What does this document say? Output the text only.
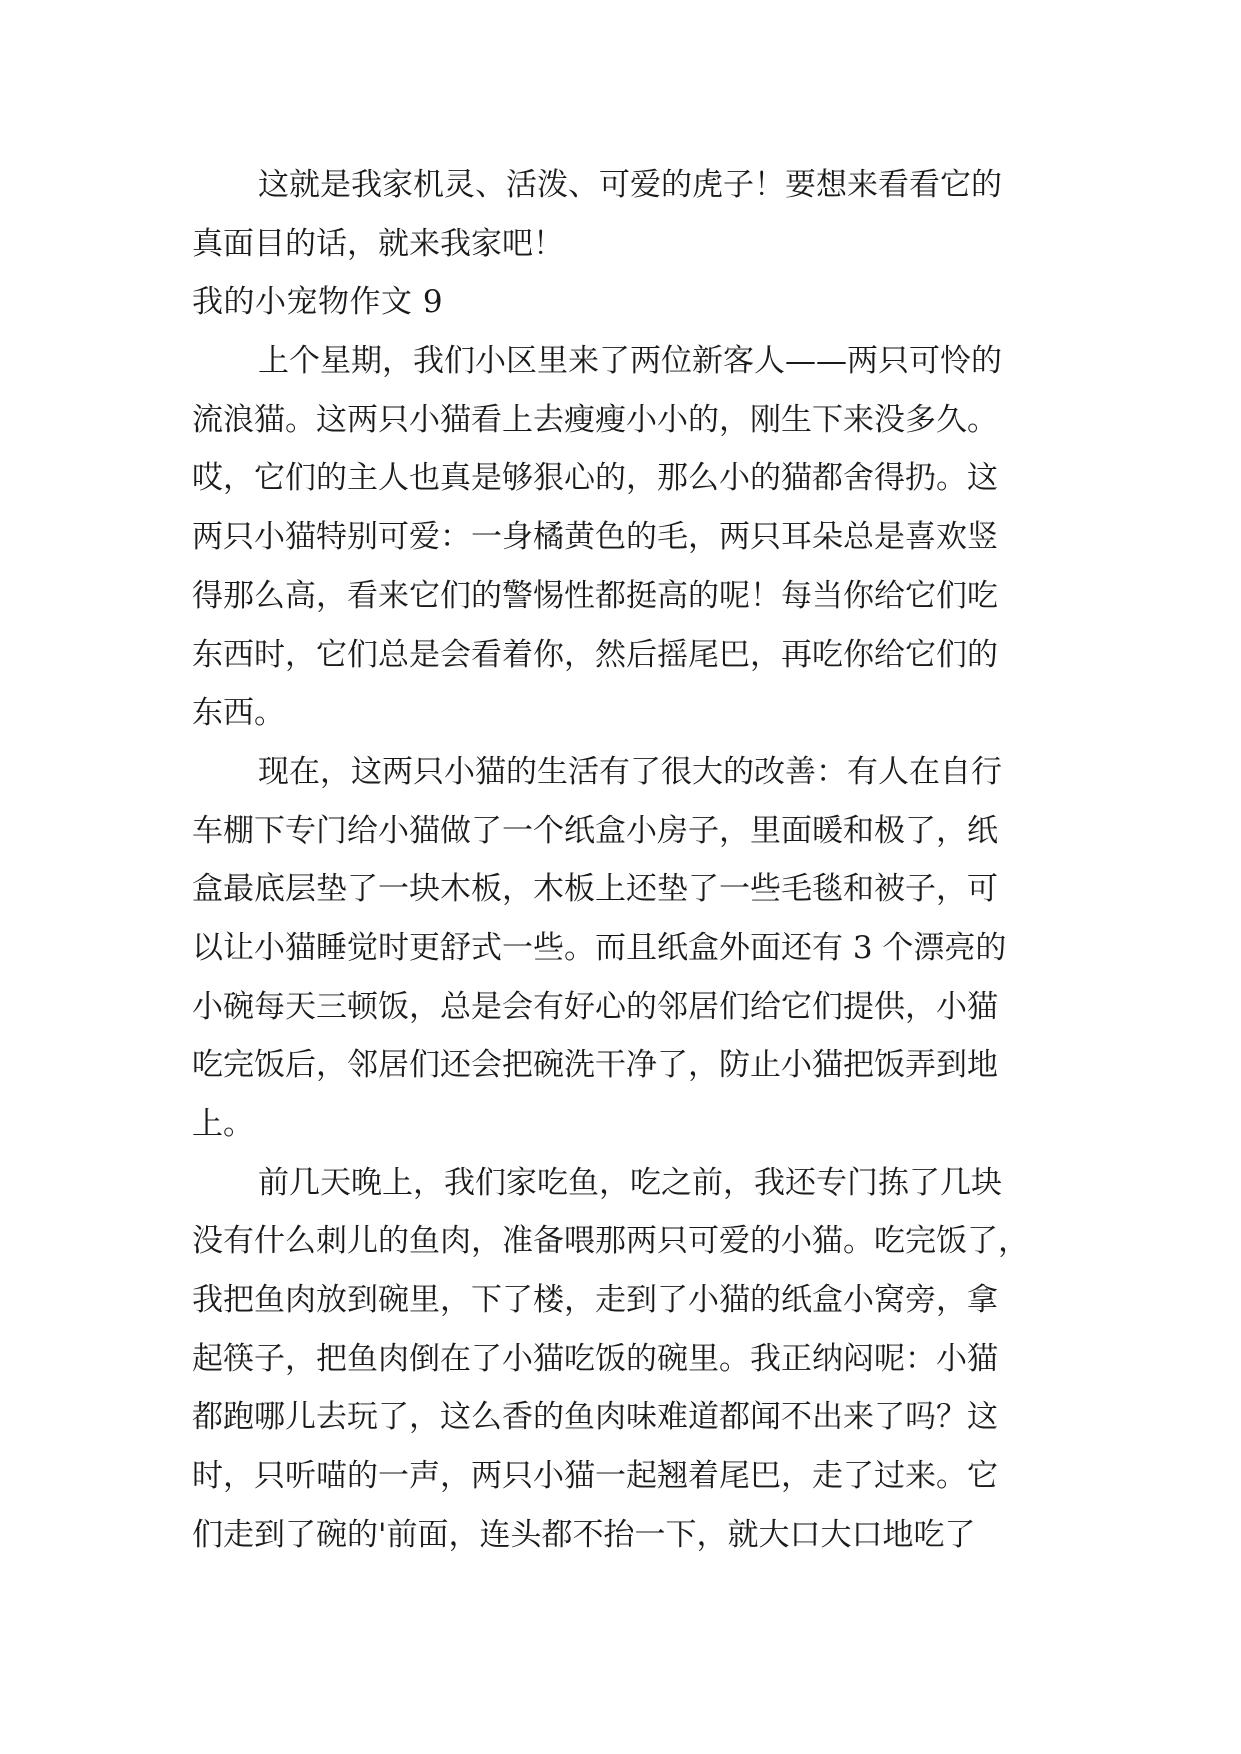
这就是我家机灵、活泼、可爱的虎子！要想来看看它的
真面目的话，就来我家吧！
我的小宠物作文 9
上个星期，我们小区里来了两位新客人——两只可怜的
流浪猫。这两只小猫看上去瘦瘦小小的，刚生下来没多久。
哎，它们的主人也真是够狠心的，那么小的猫都舍得扔。这
两只小猫特别可爱：一身橘黄色的毛，两只耳朵总是喜欢竖
得那么高，看来它们的警惕性都挺高的呢！每当你给它们吃
东西时，它们总是会看着你，然后摇尾巴，再吃你给它们的
东西。
现在，这两只小猫的生活有了很大的改善：有人在自行
车棚下专门给小猫做了一个纸盒小房子，里面暖和极了，纸
盒最底层垫了一块木板，木板上还垫了一些毛毯和被子，可
以让小猫睡觉时更舒式一些。而且纸盒外面还有 3 个漂亮的
小碗每天三顿饭，总是会有好心的邻居们给它们提供，小猫
吃完饭后，邻居们还会把碗洗干净了，防止小猫把饭弄到地
上。
前几天晚上，我们家吃鱼，吃之前，我还专门拣了几块
没有什么刺儿的鱼肉，准备喂那两只可爱的小猫。吃完饭了，
我把鱼肉放到碗里，下了楼，走到了小猫的纸盒小窝旁，拿
起筷子，把鱼肉倒在了小猫吃饭的碗里。我正纳闷呢：小猫
都跑哪儿去玩了，这么香的鱼肉味难道都闻不出来了吗？这
时，只听喵的一声，两只小猫一起翘着尾巴，走了过来。它
们走到了碗的'前面，连头都不抬一下，就大口大口地吃了
